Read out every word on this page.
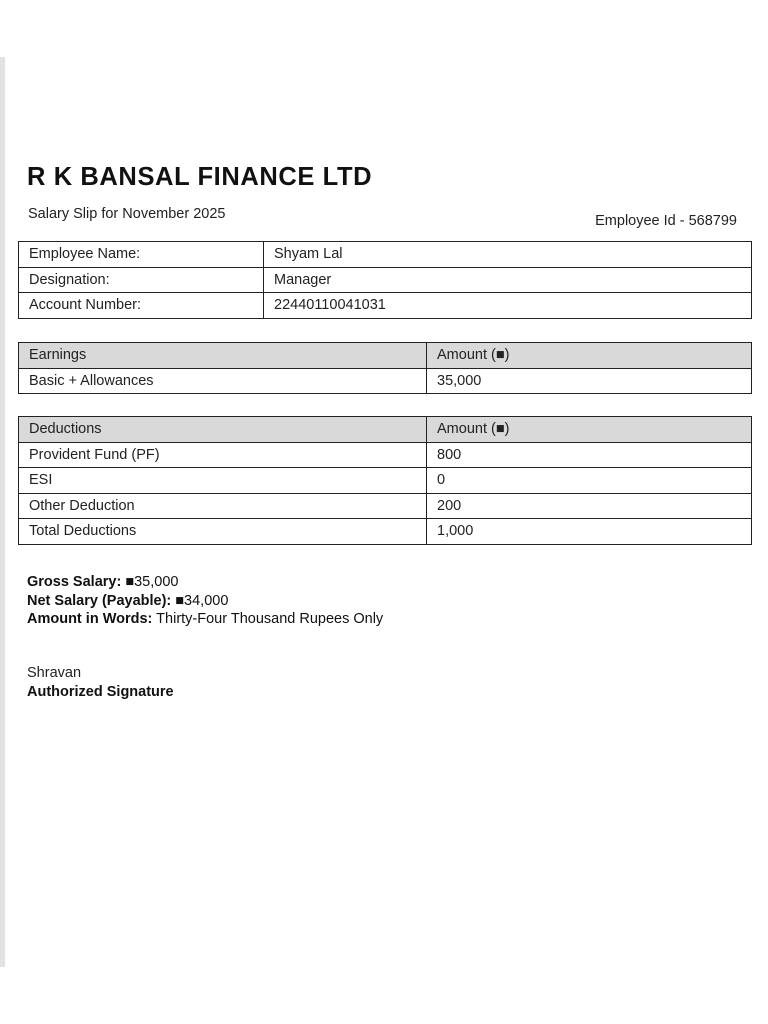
R K BANSAL FINANCE LTD
Salary Slip for November 2025	Employee Id - 568799
Employee Name:	Shyam Lal
Designation:	Manager
Account Number:	22440110041031
Earnings	Amount (■)
Basic + Allowances	35,000
Deductions	Amount (■)
Provident Fund (PF)	800
ESI	0
Other Deduction	200
Total Deductions	1,000
Gross Salary: ■35,000
Net Salary (Payable): ■34,000
Amount in Words: Thirty-Four Thousand Rupees Only
Shravan
Authorized Signature
